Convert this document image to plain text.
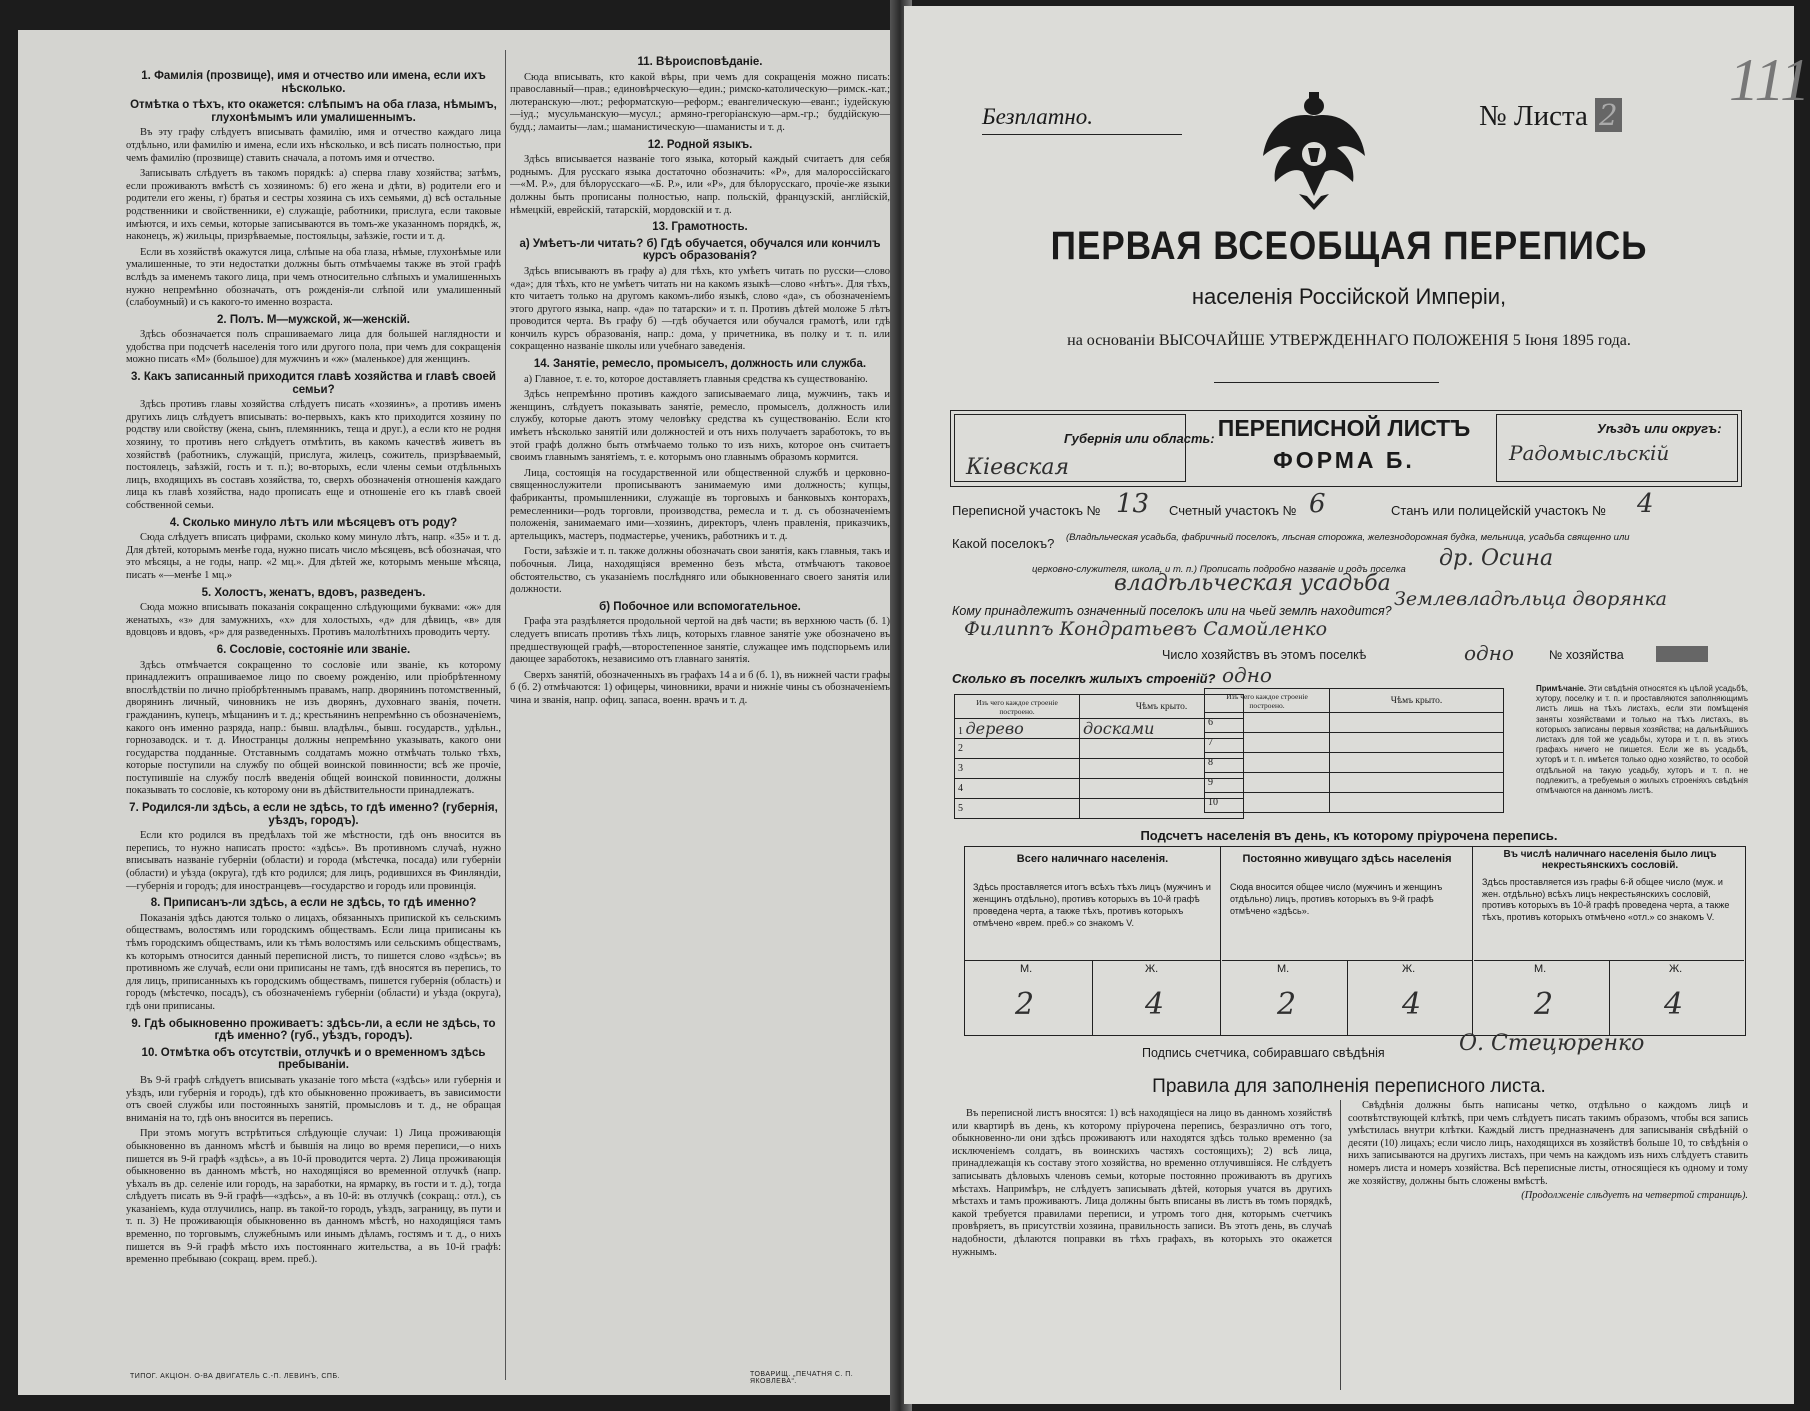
1. Фамилія (прозвище), имя и отчество или имена, если ихъ нѣсколько.
Отмѣтка о тѣхъ, кто окажется: слѣпымъ на оба глаза, нѣмымъ, глухонѣмымъ или умалишеннымъ.

Въ эту графу слѣдуетъ вписывать фамилію, имя и отчество каждаго лица отдѣльно, или фамилію и имена, если ихъ нѣсколько, и всѣ писать полностью, при чемъ фамилію (прозвище) ставить сначала, а потомъ имя и отчество.

Записывать слѣдуетъ въ такомъ порядкѣ: а) сперва главу хозяйства; затѣмъ, если проживаютъ вмѣстѣ съ хозяиномъ: б) его жена и дѣти, в) родители его и родители его жены, г) братья и сестры хозяина съ ихъ семьями, д) всѣ остальные родственники и свойственники, е) служащіе, работники, прислуга, если таковые имѣются, и ихъ семьи, которые записываются въ томъ-же указанномъ порядкѣ, ж, наконецъ, ж) жильцы, призрѣваемые, постояльцы, заѣзжіе, гости и т. д.

Если въ хозяйствѣ окажутся лица, слѣпые на оба глаза, нѣмые, глухонѣмые или умалишенные, то эти недостатки должны быть отмѣчаемы также въ этой графѣ вслѣдъ за именемъ такого лица, при чемъ относительно слѣпыхъ и умалишенныхъ нужно непремѣнно обозначать, отъ рожденія-ли слѣпой или умалишенный (слабоумный) и съ какого-то именно возраста.

2. Полъ. М—мужской, ж—женскій.

Здѣсь обозначается полъ спрашиваемаго лица для большей наглядности и удобства при подсчетѣ населенія того или другого пола, при чемъ для сокращенія можно писать «М» (большое) для мужчинъ и «ж» (маленькое) для женщинъ.

3. Какъ записанный приходится главѣ хозяйства и главѣ своей семьи?

Здѣсь противъ главы хозяйства слѣдуетъ писать «хозяинъ», а противъ именъ другихъ лицъ слѣдуетъ вписывать: во-первыхъ, какъ кто приходится хозяину по родству или свойству (жена, сынъ, племянникъ, теща и друг.), а если кто не родня хозяину, то противъ него слѣдуетъ отмѣтить, въ какомъ качествѣ живетъ въ хозяйствѣ (работникъ, служащій, прислуга, жилецъ, сожитель, призрѣваемый, постоялецъ, заѣзжій, гость и т. п.); во-вторыхъ, если члены семьи отдѣльныхъ лицъ, входящихъ въ составъ хозяйства, то, сверхъ обозначенія отношенія каждаго лица къ главѣ хозяйства, надо прописать еще и отношеніе его къ главѣ своей собственной семьи.

4. Сколько минуло лѣтъ или мѣсяцевъ отъ роду?

Сюда слѣдуетъ вписать цифрами, сколько кому минуло лѣтъ, напр. «35» и т. д. Для дѣтей, которымъ менѣе года, нужно писать число мѣсяцевъ, всѣ обозначая, что это мѣсяцы, а не годы, напр. «2 мц.». Для дѣтей же, которымъ меньше мѣсяца, писать «—менѣе 1 мц.»

5. Холостъ, женатъ, вдовъ, разведенъ.

Сюда можно вписывать показанія сокращенно слѣдующими буквами: «ж» для женатыхъ, «з» для замужнихъ, «х» для холостыхъ, «д» для дѣвицъ, «в» для вдовцовъ и вдовъ, «р» для разведенныхъ. Противъ малолѣтнихъ проводить черту.

6. Сословіе, состояніе или званіе.

Здѣсь отмѣчается сокращенно то сословіе или званіе, къ которому принадлежитъ опрашиваемое лицо по своему рожденію, или пріобрѣтенному впослѣдствіи по лично пріобрѣтеннымъ правамъ, напр. дворянинъ потомственный, дворянинъ личный, чиновникъ не изъ дворянъ, духовнаго званія, почетн. гражданинъ, купецъ, мѣщанинъ и т. д.; крестьянинъ непремѣнно съ обозначеніемъ, какого онъ именно разряда, напр.: бывш. владѣльч., бывш. государств., удѣльн., горнозаводск. и т. д. Иностранцы должны непремѣнно указывать, какого они государства подданные. Отставнымъ солдатамъ можно отмѣчать только тѣхъ, которые поступили на службу по общей воинской повинности; всѣ же прочіе, поступившіе на службу послѣ введенія общей воинской повинности, должны показывать то сословіе, къ которому они въ дѣйствительности принадлежатъ.

7. Родился-ли здѣсь, а если не здѣсь, то гдѣ именно? (губернія, уѣздъ, городъ).

Если кто родился въ предѣлахъ той же мѣстности, гдѣ онъ вносится въ перепись, то нужно написать просто: «здѣсь». Въ противномъ случаѣ, нужно вписывать названіе губерніи (области) и города (мѣстечка, посада) или губерніи (области) и уѣзда (округа), гдѣ кто родился; для лицъ, родившихся въ Финляндіи,—губернія и городъ; для иностранцевъ—государство и городъ или провинція.

8. Приписанъ-ли здѣсь, а если не здѣсь, то гдѣ именно?

Показанія здѣсь даются только о лицахъ, обязанныхъ припиской къ сельскимъ обществамъ, волостямъ или городскимъ обществамъ. Если лица приписаны къ тѣмъ городскимъ обществамъ, или къ тѣмъ волостямъ или сельскимъ обществамъ, къ которымъ относится данный переписной листъ, то пишется слово «здѣсь»; въ противномъ же случаѣ, если они приписаны не тамъ, гдѣ вносятся въ перепись, то для лицъ, приписанныхъ къ городскимъ обществамъ, пишется губернія (область) и городъ (мѣстечко, посадъ), съ обозначеніемъ губерніи (области) и уѣзда (округа), гдѣ они приписаны.

9. Гдѣ обыкновенно проживаетъ: здѣсь-ли, а если не здѣсь, то гдѣ именно? (губ., уѣздъ, городъ).
10. Отмѣтка объ отсутствіи, отлучкѣ и о временномъ здѣсь пребываніи.

Въ 9-й графѣ слѣдуетъ вписывать указаніе того мѣста («здѣсь» или губернія и уѣздъ, или губернія и городъ), гдѣ кто обыкновенно проживаетъ, въ зависимости отъ своей службы или постоянныхъ занятій, промысловъ и т. д., не обращая вниманія на то, гдѣ онъ вносится въ перепись.

При этомъ могутъ встрѣтиться слѣдующіе случаи: 1) Лица проживающія обыкновенно въ данномъ мѣстѣ и бывшія на лицо во время переписи,—о нихъ пишется въ 9-й графѣ «здѣсь», а въ 10-й проводится черта. 2) Лица проживающія обыкновенно въ данномъ мѣстѣ, но находящіяся во временной отлучкѣ (напр. уѣхалъ въ др. селеніе или городъ, на заработки, на ярмарку, въ гости и т. д.), тогда слѣдуетъ писать въ 9-й графѣ—«здѣсь», а въ 10-й: въ отлучкѣ (сокращ.: отл.), съ указаніемъ, куда отлучились, напр. въ такой-то городъ, уѣздъ, заграницу, въ пути и т. п. 3) Не проживающія обыкновенно въ данномъ мѣстѣ, но находящіяся тамъ временно, по торговымъ, служебнымъ или инымъ дѣламъ, гостямъ и т. д., о нихъ пишется въ 9-й графѣ мѣсто ихъ постояннаго жительства, а въ 10-й графѣ: временно пребываю (сокращ. врем. преб.).

11. Вѣроисповѣданіе.

Сюда вписывать, кто какой вѣры, при чемъ для сокращенія можно писать: православный—прав.; единовѣрческую—един.; римско-католическую—римск.-кат.; лютеранскую—лют.; реформатскую—реформ.; евангелическую—еванг.; іудейскую—іуд.; мусульманскую—мусул.; армяно-грегоріанскую—арм.-гр.; буддійскую—будд.; ламаиты—лам.; шаманистическую—шаманисты и т. д.

12. Родной языкъ.

Здѣсь вписывается названіе того языка, который каждый считаетъ для себя роднымъ. Для русскаго языка достаточно обозначить: «Р», для малороссійскаго—«М. Р.», для бѣлорусскаго—«Б. Р.», или «Р», для бѣлорусскаго, прочіе-же языки должны быть прописаны полностью, напр. польскій, французскій, англійскій, нѣмецкій, еврейскій, татарскій, мордовскій и т. д.

13. Грамотность.
а) Умѣетъ-ли читать? б) Гдѣ обучается, обучался или кончилъ курсъ образованія?

Здѣсь вписываютъ въ графу а) для тѣхъ, кто умѣетъ читать по русски—слово «да»; для тѣхъ, кто не умѣетъ читать ни на какомъ языкѣ—слово «нѣтъ». Для тѣхъ, кто читаетъ только на другомъ какомъ-либо языкѣ, слово «да», съ обозначеніемъ этого другого языка, напр. «да» по татарски» и т. п. Противъ дѣтей моложе 5 лѣтъ проводится черта. Въ графу б) —гдѣ обучается или обучался грамотѣ, или гдѣ кончилъ курсъ образованія, напр.: дома, у причетника, въ полку и т. п. или сокращенно названіе школы или учебнаго заведенія.

14. Занятіе, ремесло, промыселъ, должность или служба.

а) Главное, т. е. то, которое доставляетъ главныя средства къ существованію.

Здѣсь непремѣнно противъ каждого записываемаго лица, мужчинъ, такъ и женщинъ, слѣдуетъ показывать занятіе, ремесло, промыселъ, должность или службу, которые даютъ этому человѣку средства къ существованію. Если кто имѣетъ нѣсколько занятій или должностей и отъ нихъ получаетъ заработокъ, то въ этой графѣ должно быть отмѣчаемо только то изъ нихъ, которое онъ считаетъ своимъ главнымъ занятіемъ, т. е. которымъ оно главнымъ образомъ кормится.

Лица, состоящія на государственной или общественной службѣ и церковно-священнослужители прописываютъ занимаемую ими должность; купцы, фабриканты, промышленники, служащіе въ торговыхъ и банковыхъ конторахъ, ремесленники—родъ торговли, производства, ремесла и т. д. съ обозначеніемъ положенія, занимаемаго ими—хозяинъ, директоръ, членъ правленія, приказчикъ, артельщикъ, мастеръ, подмастерье, ученикъ, работникъ и т. д.

Гости, заѣзжіе и т. п. также должны обозначать свои занятія, какъ главныя, такъ и побочныя. Лица, находящіяся временно безъ мѣста, отмѣчаютъ таковое обстоятельство, съ указаніемъ послѣдняго или обыкновеннаго своего занятія или должности.

б) Побочное или вспомогательное.

Графа эта раздѣляется продольной чертой на двѣ части; въ верхнюю часть (б. 1) следуетъ вписать противъ тѣхъ лицъ, которыхъ главное занятіе уже обозначено въ предшествующей графѣ,—второстепенное занятіе, служащее имъ подспорьемъ или дающее заработокъ, независимо отъ главнаго занятія.

Сверхъ занятій, обозначенныхъ въ графахъ 14 а и б (б. 1), въ нижней части графы б (б. 2) отмѣчаются: 1) офицеры, чиновники, врачи и нижніе чины съ обозначеніемъ чина и званія, напр. офиц. запаса, военн. врачъ и т. д.

ТИПОГ. АКЦІОН. О-ВА ДВИГАТЕЛЬ С.-П. ЛЕВИНЪ, СПБ.	ТОВАРИЩ. „ПЕЧАТНЯ С. П. ЯКОВЛЕВА“.
111
Безплатно.	№ Листа 2
ПЕРВАЯ ВСЕОБЩАЯ ПЕРЕПИСЬ
населенія Россійской Имперіи,
на основаніи ВЫСОЧАЙШЕ УТВЕРЖДЕННАГО ПОЛОЖЕНІЯ 5 Іюня 1895 года.
Губернія или область:
Кіевская
ПЕРЕПИСНОЙ ЛИСТЪ
ФОРМА Б.
Уѣздъ или округъ:
Радомысльскій
Переписной участокъ № 13 Счетный участокъ № 6	Станъ или полицейскій участокъ № 4
Какой поселокъ? (Владѣльческая усадьба, фабричный поселокъ, лѣсная сторожка, железнодорожная будка, мельница, усадьба священно или
церковно-служителя, школа, и т. п.) Прописать подробно названіе и родъ поселка др. Осина
владѣльческая усадьба
Кому принадлежитъ означенный поселокъ или на чьей землѣ находится?
Землевладѣльца дворянка
Филиппъ Кондратьевъ Самойленко
Число хозяйствъ въ этомъ поселкѣ	одно	№ хозяйства
Сколько въ поселкѣ жилыхъ строеній? одно
Изъ чего каждое строеніе построено.	Чѣмъ крыто.
1 дерево	досками
2	
3	
4	
5	
Изъ чего каждое строеніе построено.	Чѣмъ крыто.
6	
7	
8	
9	
10	
Примѣчаніе. Эти свѣдѣнія относятся къ цѣлой усадьбѣ, хутору, поселку и т. п. и проставляются заполняющимъ листъ лишь на тѣхъ листахъ, если эти помѣщенія заняты хозяйствами и только на тѣхъ листахъ, въ которыхъ записаны первыя хозяйства; на дальнѣйшихъ листахъ для той же усадьбы, хутора и т. п. въ этихъ графахъ ничего не пишется. Если же въ усадьбѣ, хуторѣ и т. п. имѣется только одно хозяйство, то особой отдѣльной на такую усадьбу, хуторъ и т. п. не подлежитъ, а требуемыя о жилыхъ строеніяхъ свѣдѣнія отмѣчаются на данномъ листѣ.
Подсчетъ населенія въ день, къ которому пріурочена перепись.
Всего наличнаго населенія.
Здѣсь проставляется итогъ всѣхъ тѣхъ лицъ (мужчинъ и женщинъ отдѣльно), противъ которыхъ въ 10-й графѣ проведена черта, а также тѣхъ, противъ которыхъ отмѣчено «врем. преб.» со знакомъ V.
М.	Ж.
2	4
Постоянно живущаго здѣсь населенія
Сюда вносится общее число (мужчинъ и женщинъ отдѣльно) лицъ, противъ которыхъ въ 9-й графѣ отмѣчено «здѣсь».
М.	Ж.
2	4
Въ числѣ наличнаго населенія было лицъ некрестьянскихъ сословій.
Здѣсь проставляется изъ графы 6-й общее число (муж. и жен. отдѣльно) всѣхъ лицъ некрестьянскихъ сословій, противъ которыхъ въ 10-й графѣ проведена черта, а также тѣхъ, противъ которыхъ отмѣчено «отл.» со знакомъ V.
М.	Ж.
2	4
Подпись счетчика, собиравшаго свѣдѣнія	О. Стецюренко
Правила для заполненія переписного листа.

Въ переписной листъ вносятся: 1) всѣ находящіеся на лицо въ данномъ хозяйствѣ или квартирѣ въ день, къ которому пріурочена перепись, безразлично отъ того, обыкновенно-ли они здѣсь проживаютъ или находятся здѣсь только временно (за исключеніемъ солдатъ, въ воинскихъ частяхъ состоящихъ); 2) всѣ лица, принадлежащія къ составу этого хозяйства, но временно отлучившіяся. Не слѣдуетъ записывать дѣловыхъ членовъ семьи, которые постоянно проживаютъ въ другихъ мѣстахъ. Напримѣръ, не слѣдуетъ записывать дѣтей, которыя учатся въ другихъ мѣстахъ и тамъ проживаютъ. Лица должны быть вписаны въ листъ въ томъ порядкѣ, какой требуется правилами переписи, и утромъ того дня, которымъ счетчикъ провѣряетъ, въ присутствіи хозяина, правильность записи. Въ этотъ день, въ случаѣ надобности, дѣлаются поправки въ тѣхъ графахъ, въ которыхъ это окажется нужнымъ.

Свѣдѣнія должны быть написаны четко, отдѣльно о каждомъ лицѣ и соотвѣтствующей клѣткѣ, при чемъ слѣдуетъ писать такимъ образомъ, чтобы вся запись умѣстилась внутри клѣтки. Каждый листъ предназначенъ для записыванія свѣдѣній о десяти (10) лицахъ; если число лицъ, находящихся въ хозяйствѣ больше 10, то свѣдѣнія о нихъ записываются на другихъ листахъ, при чемъ на каждомъ изъ нихъ слѣдуетъ ставить номеръ листа и номеръ хозяйства. Всѣ переписные листы, относящіеся къ одному и тому же хозяйству, должны быть сложены вмѣстѣ.

(Продолженіе слѣдуетъ на четвертой страницѣ).
